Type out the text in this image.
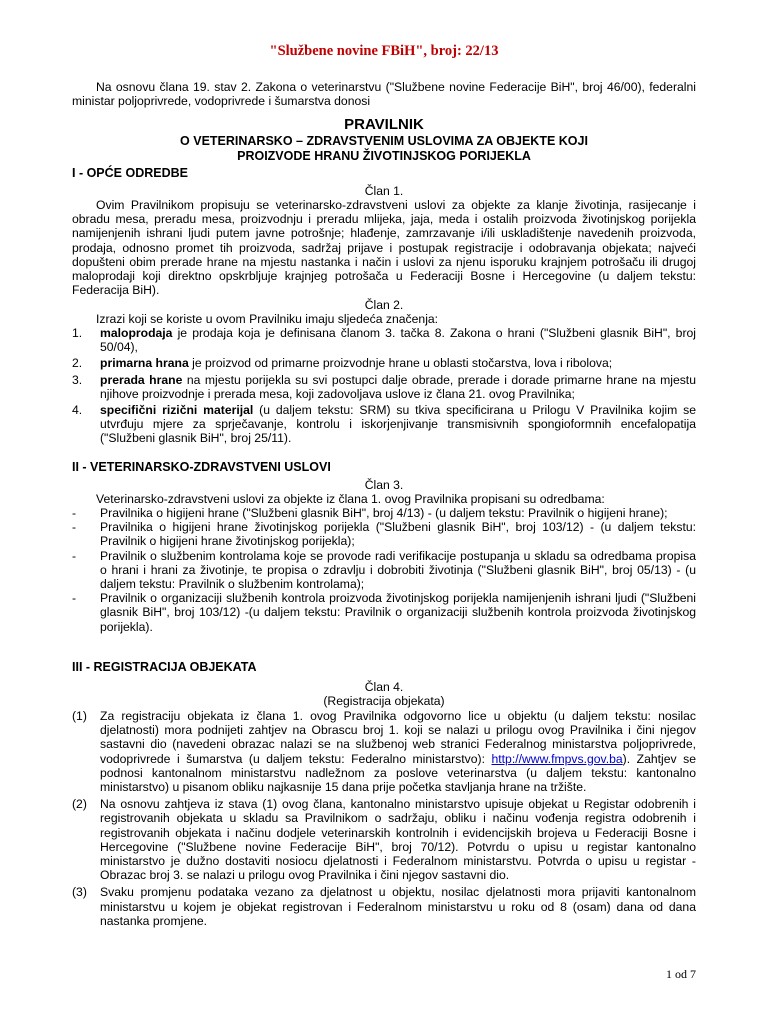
"Službene novine FBiH", broj: 22/13
Na osnovu člana 19. stav 2. Zakona o veterinarstvu ("Službene novine Federacije BiH", broj 46/00), federalni ministar poljoprivrede, vodoprivrede i šumarstva donosi
PRAVILNIK
O VETERINARSKO – ZDRAVSTVENIM USLOVIMA ZA OBJEKTE KOJI
PROIZVODE HRANU ŽIVOTINJSKOG PORIJEKLA
I - OPĆE ODREDBE
Član 1.
Ovim Pravilnikom propisuju se veterinarsko-zdravstveni uslovi za objekte za klanje životinja, rasijecanje i obradu mesa, preradu mesa, proizvodnju i preradu mlijeka, jaja, meda i ostalih proizvoda životinjskog porijekla namijenjenih ishrani ljudi putem javne potrošnje; hlađenje, zamrzavanje i/ili uskladištenje navedenih proizvoda, prodaja, odnosno promet tih proizvoda, sadržaj prijave i postupak registracije i odobravanja objekata; najveći dopušteni obim prerade hrane na mjestu nastanka i način i uslovi za njenu isporuku krajnjem potrošaču ili drugoj maloprodaji koji direktno opskrbljuje krajnjeg potrošača u Federaciji Bosne i Hercegovine (u daljem tekstu: Federacija BiH).
Član 2.
Izrazi koji se koriste u ovom Pravilniku imaju sljedeća značenja:
1.	maloprodaja je prodaja koja je definisana članom 3. tačka 8. Zakona o hrani ("Službeni glasnik BiH", broj 50/04),
2.	primarna hrana je proizvod od primarne proizvodnje hrane u oblasti stočarstva, lova i ribolova;
3.	prerada hrane na mjestu porijekla su svi postupci dalje obrade, prerade i dorade primarne hrane na mjestu njihove proizvodnje i prerada mesa, koji zadovoljava uslove iz člana 21. ovog Pravilnika;
4.	specifični rizični materijal (u daljem tekstu: SRM) su tkiva specificirana u Prilogu V Pravilnika kojim se utvrđuju mjere za sprječavanje, kontrolu i iskorjenjivanje transmisivnih spongioformnih encefalopatija ("Službeni glasnik BiH", broj 25/11).
II - VETERINARSKO-ZDRAVSTVENI USLOVI
Član 3.
Veterinarsko-zdravstveni uslovi za objekte iz člana 1. ovog Pravilnika propisani su odredbama:
-	Pravilnika o higijeni hrane ("Službeni glasnik BiH", broj 4/13) - (u daljem tekstu: Pravilnik o higijeni hrane);
-	Pravilnika o higijeni hrane životinjskog porijekla ("Službeni glasnik BiH", broj 103/12) - (u daljem tekstu: Pravilnik o higijeni hrane životinjskog porijekla);
-	Pravilnik o službenim kontrolama koje se provode radi verifikacije postupanja u skladu sa odredbama propisa o hrani i hrani za životinje, te propisa o zdravlju i dobrobiti životinja ("Službeni glasnik BiH", broj 05/13) - (u daljem tekstu: Pravilnik o službenim kontrolama);
-	Pravilnik o organizaciji službenih kontrola proizvoda životinjskog porijekla namijenjenih ishrani ljudi ("Službeni glasnik BiH", broj 103/12) -(u daljem tekstu: Pravilnik o organizaciji službenih kontrola proizvoda životinjskog porijekla).
III - REGISTRACIJA OBJEKATA
Član 4.
(Registracija objekata)
(1)	Za registraciju objekata iz člana 1. ovog Pravilnika odgovorno lice u objektu (u daljem tekstu: nosilac djelatnosti) mora podnijeti zahtjev na Obrascu broj 1. koji se nalazi u prilogu ovog Pravilnika i čini njegov sastavni dio (navedeni obrazac nalazi se na službenoj web stranici Federalnog ministarstva poljoprivrede, vodoprivrede i šumarstva (u daljem tekstu: Federalno ministarstvo): http://www.fmpvs.gov.ba). Zahtjev se podnosi kantonalnom ministarstvu nadležnom za poslove veterinarstva (u daljem tekstu: kantonalno ministarstvo) u pisanom obliku najkasnije 15 dana prije početka stavljanja hrane na tržište.
(2)	Na osnovu zahtjeva iz stava (1) ovog člana, kantonalno ministarstvo upisuje objekat u Registar odobrenih i registrovanih objekata u skladu sa Pravilnikom o sadržaju, obliku i načinu vođenja registra odobrenih i registrovanih objekata i načinu dodjele veterinarskih kontrolnih i evidencijskih brojeva u Federaciji Bosne i Hercegovine ("Službene novine Federacije BiH", broj 70/12). Potvrdu o upisu u registar kantonalno ministarstvo je dužno dostaviti nosiocu djelatnosti i Federalnom ministarstvu. Potvrda o upisu u registar - Obrazac broj 3. se nalazi u prilogu ovog Pravilnika i čini njegov sastavni dio.
(3)	Svaku promjenu podataka vezano za djelatnost u objektu, nosilac djelatnosti mora prijaviti kantonalnom ministarstvu u kojem je objekat registrovan i Federalnom ministarstvu u roku od 8 (osam) dana od dana nastanka promjene.
1 od 7
